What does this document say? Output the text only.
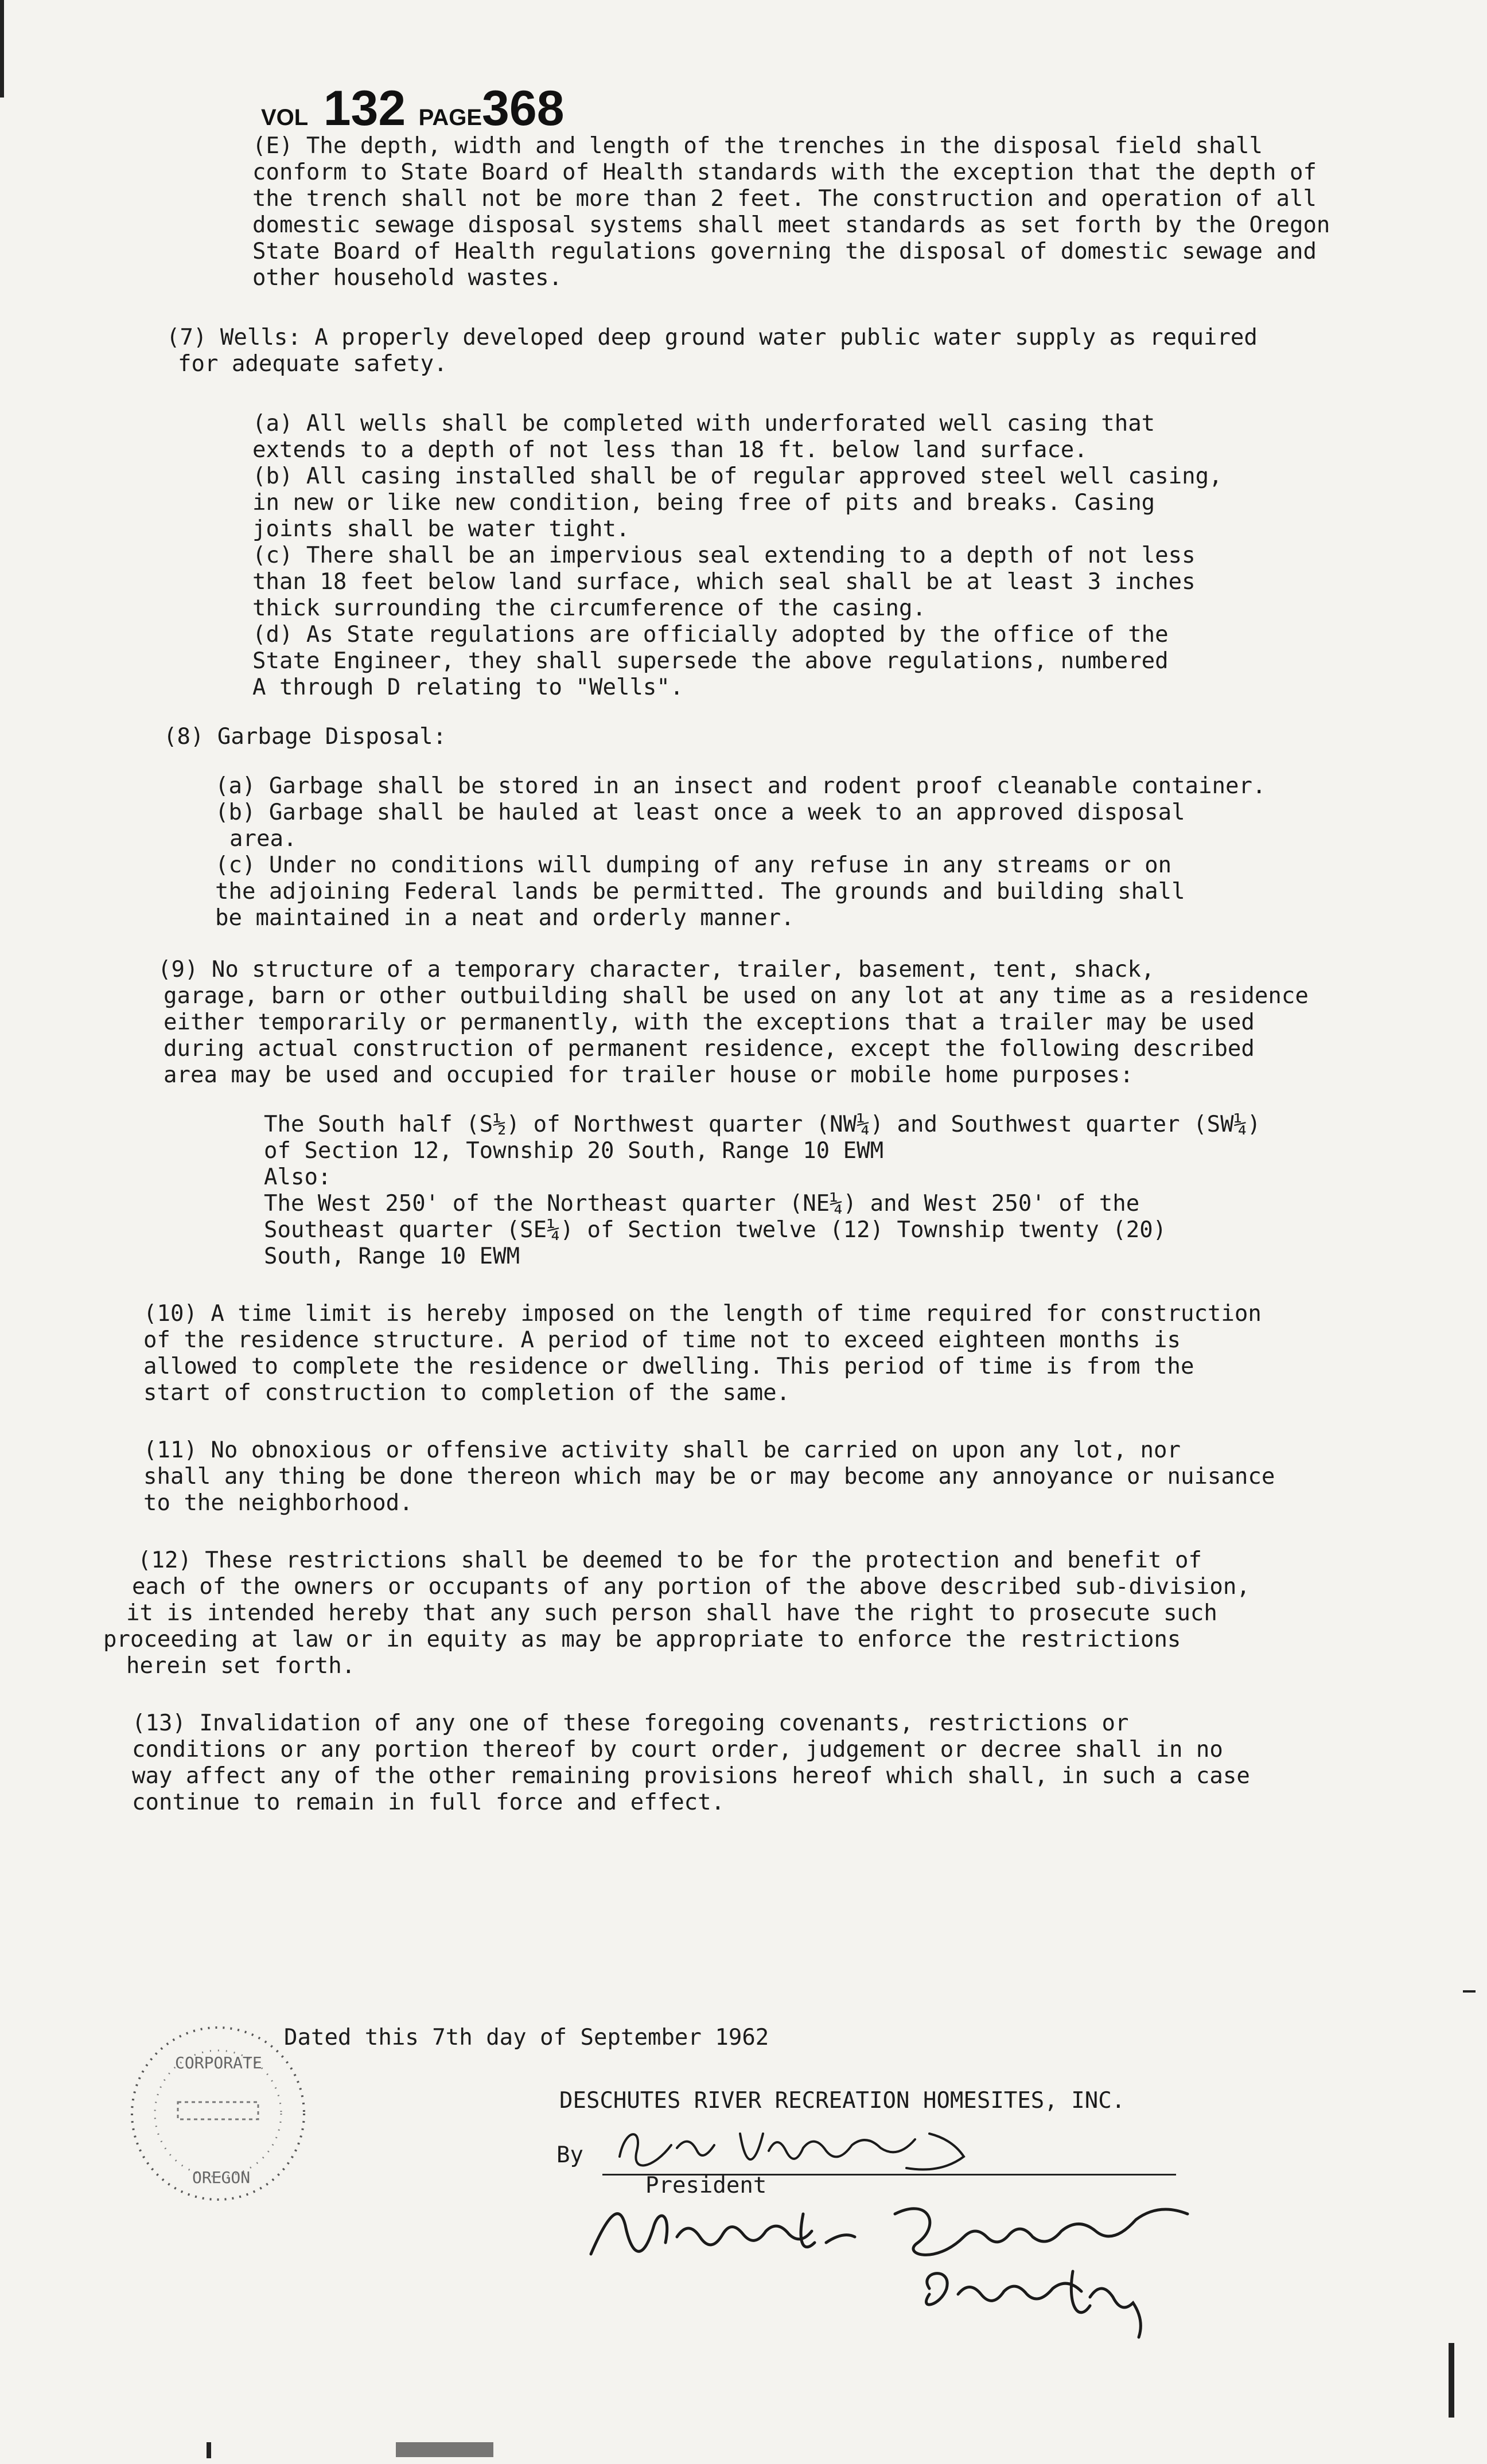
VOL 132 PAGE368

(E) The depth, width and length of the trenches in the disposal field shall

conform to State Board of Health standards with the exception that the depth of

the trench shall not be more than 2 feet. The construction and operation of all

domestic sewage disposal systems shall meet standards as set forth by the Oregon

State Board of Health regulations governing the disposal of domestic sewage and

other household wastes.

(7) Wells: A properly developed deep ground water public water supply as required

for adequate safety.

(a) All wells shall be completed with underforated well casing that

extends to a depth of not less than 18 ft. below land surface.

(b) All casing installed shall be of regular approved steel well casing,

in new or like new condition, being free of pits and breaks. Casing

joints shall be water tight.

(c) There shall be an impervious seal extending to a depth of not less

than 18 feet below land surface, which seal shall be at least 3 inches

thick surrounding the circumference of the casing.

(d) As State regulations are officially adopted by the office of the

State Engineer, they shall supersede the above regulations, numbered

A through D relating to "Wells".

(8) Garbage Disposal:

(a) Garbage shall be stored in an insect and rodent proof cleanable container.

(b) Garbage shall be hauled at least once a week to an approved disposal

area.

(c) Under no conditions will dumping of any refuse in any streams or on

the adjoining Federal lands be permitted. The grounds and building shall

be maintained in a neat and orderly manner.

(9) No structure of a temporary character, trailer, basement, tent, shack,

garage, barn or other outbuilding shall be used on any lot at any time as a residence

either temporarily or permanently, with the exceptions that a trailer may be used

during actual construction of permanent residence, except the following described

area may be used and occupied for trailer house or mobile home purposes:

The South half (S½) of Northwest quarter (NW¼) and Southwest quarter (SW¼)

of Section 12, Township 20 South, Range 10 EWM

Also:

The West 250' of the Northeast quarter (NE¼) and West 250' of the

Southeast quarter (SE¼) of Section twelve (12) Township twenty (20)

South, Range 10 EWM

(10) A time limit is hereby imposed on the length of time required for construction

of the residence structure. A period of time not to exceed eighteen months is

allowed to complete the residence or dwelling. This period of time is from the

start of construction to completion of the same.

(11) No obnoxious or offensive activity shall be carried on upon any lot, nor

shall any thing be done thereon which may be or may become any annoyance or nuisance

to the neighborhood.

(12) These restrictions shall be deemed to be for the protection and benefit of

each of the owners or occupants of any portion of the above described sub-division,

it is intended hereby that any such person shall have the right to prosecute such

proceeding at law or in equity as may be appropriate to enforce the restrictions

herein set forth.

(13) Invalidation of any one of these foregoing covenants, restrictions or

conditions or any portion thereof by court order, judgement or decree shall in no

way affect any of the other remaining provisions hereof which shall, in such a case

continue to remain in full force and effect.

Dated this 7th day of September 1962
DESCHUTES RIVER RECREATION HOMESITES, INC.
By
President
CORPORATE
OREGON
